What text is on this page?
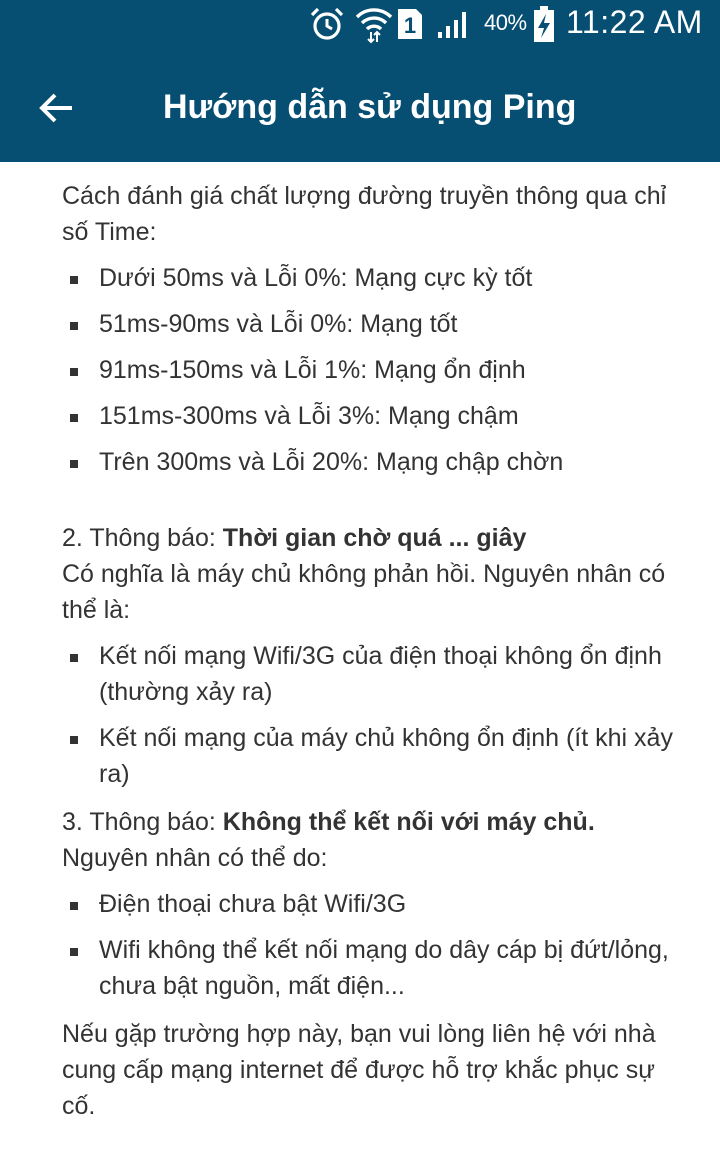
1	40% 11:22 AM
Hướng dẫn sử dụng Ping

Cách đánh giá chất lượng đường truyền thông qua chỉ số Time:

Dưới 50ms và Lỗi 0%: Mạng cực kỳ tốt
51ms-90ms và Lỗi 0%: Mạng tốt
91ms-150ms và Lỗi 1%: Mạng ổn định
151ms-300ms và Lỗi 3%: Mạng chậm
Trên 300ms và Lỗi 20%: Mạng chập chờn

2. Thông báo: Thời gian chờ quá ... giây

Có nghĩa là máy chủ không phản hồi. Nguyên nhân có thể là:

Kết nối mạng Wifi/3G của điện thoại không ổn định (thường xảy ra)
Kết nối mạng của máy chủ không ổn định (ít khi xảy ra)

3. Thông báo: Không thể kết nối với máy chủ.

Nguyên nhân có thể do:

Điện thoại chưa bật Wifi/3G
Wifi không thể kết nối mạng do dây cáp bị đứt/lỏng, chưa bật nguồn, mất điện...

Nếu gặp trường hợp này, bạn vui lòng liên hệ với nhà cung cấp mạng internet để được hỗ trợ khắc phục sự cố.
